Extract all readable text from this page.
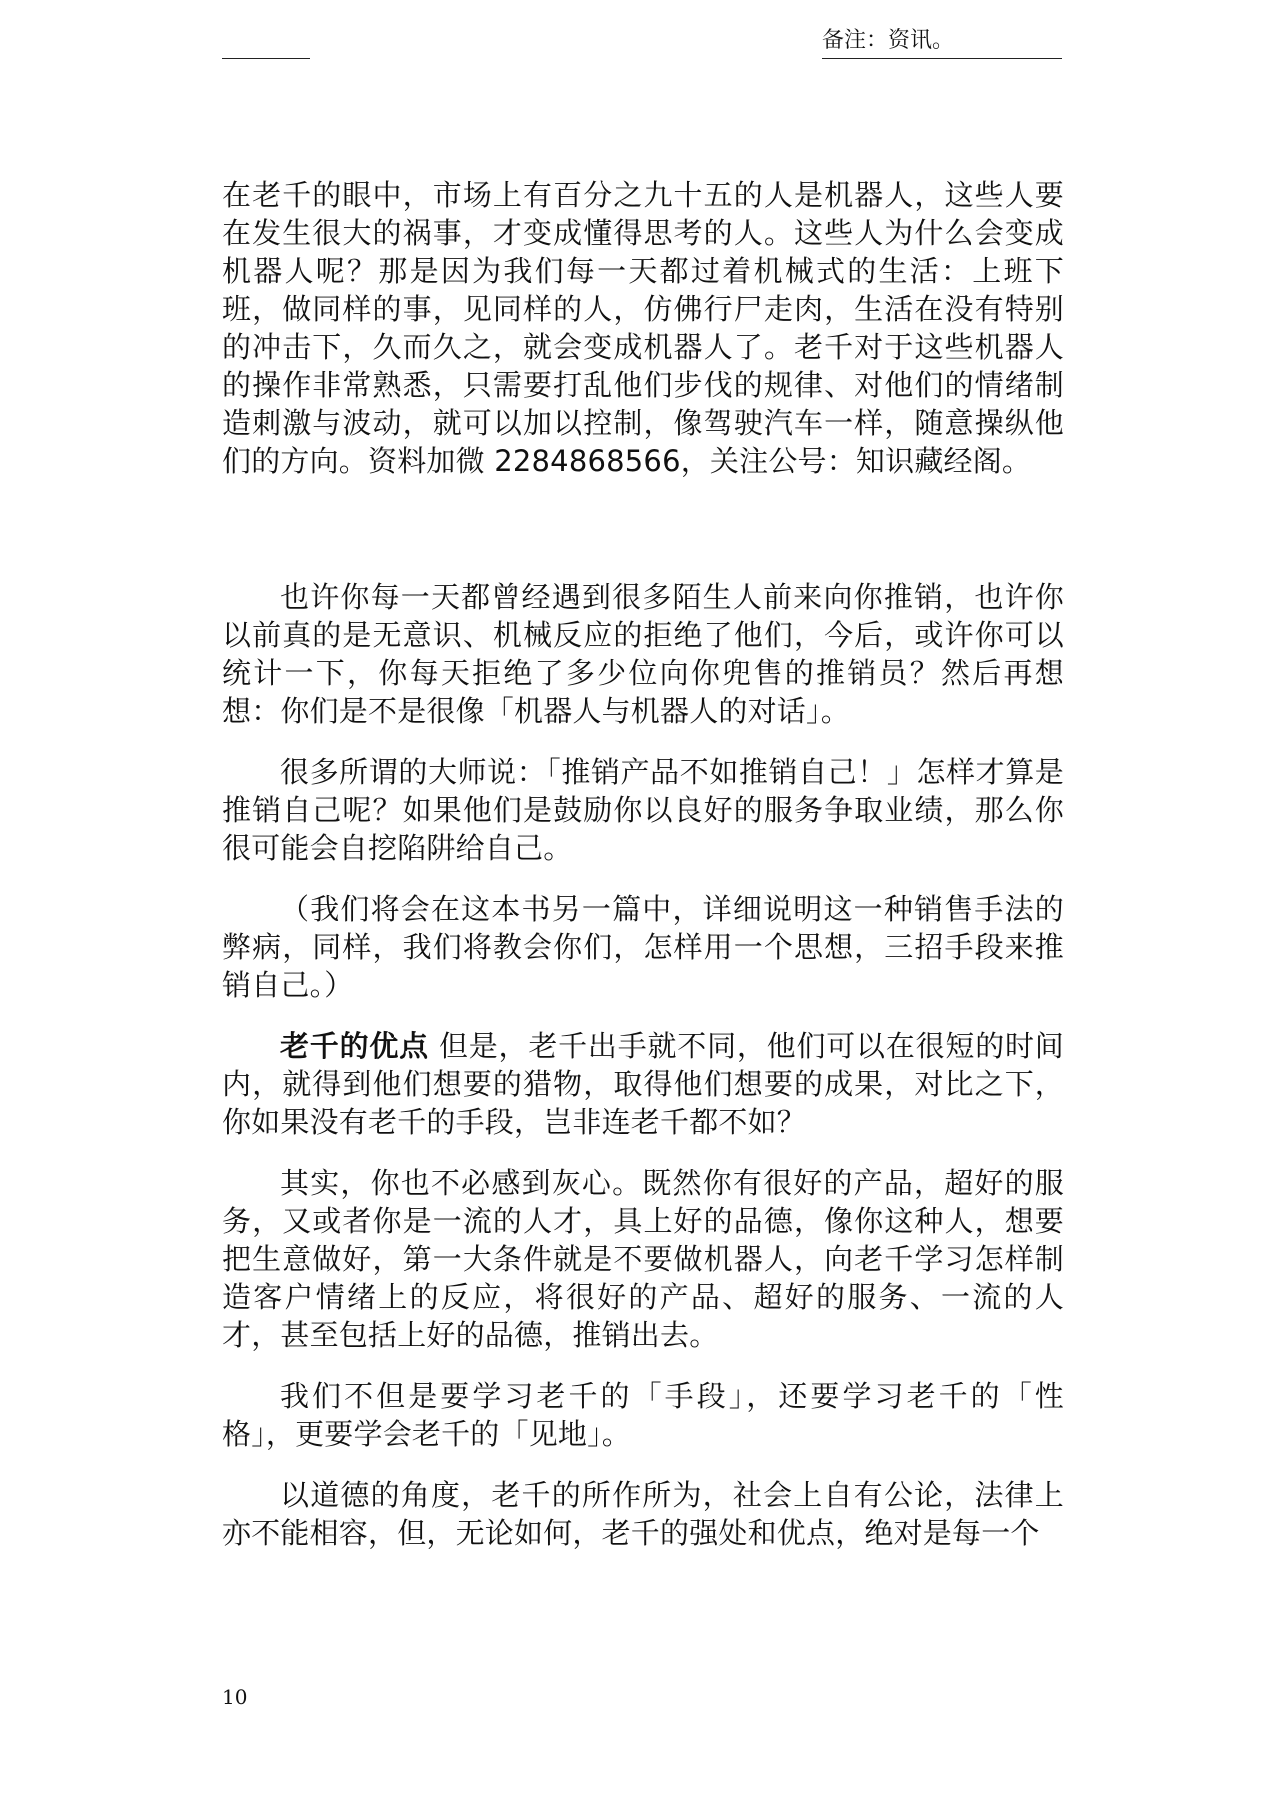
备注：资讯。

在老千的眼中，市场上有百分之九十五的人是机器人，这些人要在发生很大的祸事，才变成懂得思考的人。这些人为什么会变成机器人呢？那是因为我们每一天都过着机械式的生活：上班下班，做同样的事，见同样的人，仿佛行尸走肉，生活在没有特别的冲击下，久而久之，就会变成机器人了。老千对于这些机器人的操作非常熟悉，只需要打乱他们步伐的规律、对他们的情绪制造刺激与波动，就可以加以控制，像驾驶汽车一样，随意操纵他们的方向。资料加微 2284868566，关注公号：知识藏经阁。

也许你每一天都曾经遇到很多陌生人前来向你推销，也许你以前真的是无意识、机械反应的拒绝了他们，今后，或许你可以统计一下，你每天拒绝了多少位向你兜售的推销员？然后再想想：你们是不是很像「机器人与机器人的对话」。

很多所谓的大师说：「推销产品不如推销自己！」怎样才算是推销自己呢？如果他们是鼓励你以良好的服务争取业绩，那么你很可能会自挖陷阱给自己。

（我们将会在这本书另一篇中，详细说明这一种销售手法的弊病，同样，我们将教会你们，怎样用一个思想，三招手段来推销自己。）

老千的优点 但是，老千出手就不同，他们可以在很短的时间内，就得到他们想要的猎物，取得他们想要的成果，对比之下，你如果没有老千的手段，岂非连老千都不如？

其实，你也不必感到灰心。既然你有很好的产品，超好的服务，又或者你是一流的人才，具上好的品德，像你这种人，想要把生意做好，第一大条件就是不要做机器人，向老千学习怎样制造客户情绪上的反应，将很好的产品、超好的服务、一流的人才，甚至包括上好的品德，推销出去。

我们不但是要学习老千的「手段」，还要学习老千的「性格」，更要学会老千的「见地」。

以道德的角度，老千的所作所为，社会上自有公论，法律上亦不能相容，但，无论如何，老千的强处和优点，绝对是每一个

10
